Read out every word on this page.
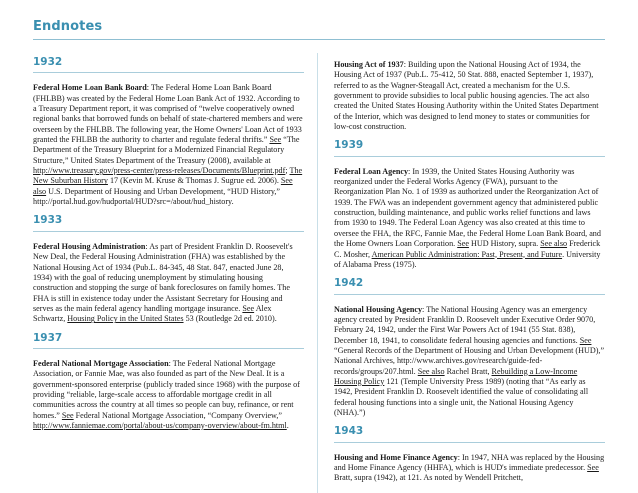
Endnotes
1932
Federal Home Loan Bank Board: The Federal Home Loan Bank Board (FHLBB) was created by the Federal Home Loan Bank Act of 1932. According to a Treasury Department report, it was comprised of “twelve cooperatively owned regional banks that borrowed funds on behalf of state-chartered members and were overseen by the FHLBB. The following year, the Home Owners' Loan Act of 1933 granted the FHLBB the authority to charter and regulate federal thrifts.” See “The Department of the Treasury Blueprint for a Modernized Financial Regulatory Structure,” United States Department of the Treasury (2008), available at http://www.treasury.gov/press-center/press-releases/Documents/Blueprint.pdf; The New Suburban History 17 (Kevin M. Kruse & Thomas J. Sugrue ed. 2006). See also U.S. Department of Housing and Urban Development, “HUD History,” http://portal.hud.gov/hudportal/HUD?src=/about/hud_history.
1933
Federal Housing Administration: As part of President Franklin D. Roosevelt's New Deal, the Federal Housing Administration (FHA) was established by the National Housing Act of 1934 (Pub.L. 84-345, 48 Stat. 847, enacted June 28, 1934) with the goal of reducing unemployment by stimulating housing construction and stopping the surge of bank foreclosures on family homes. The FHA is still in existence today under the Assistant Secretary for Housing and serves as the main federal agency handling mortgage insurance. See Alex Schwartz, Housing Policy in the United States 53 (Routledge 2d ed. 2010).
1937
Federal National Mortgage Association: The Federal National Mortgage Association, or Fannie Mae, was also founded as part of the New Deal. It is a government-sponsored enterprise (publicly traded since 1968) with the purpose of providing “reliable, large-scale access to affordable mortgage credit in all communities across the country at all times so people can buy, refinance, or rent homes.” See Federal National Mortgage Association, “Company Overview,” http://www.fanniemae.com/portal/about-us/company-overview/about-fm.html.
Housing Act of 1937: Building upon the National Housing Act of 1934, the Housing Act of 1937 (Pub.L. 75-412, 50 Stat. 888, enacted September 1, 1937), referred to as the Wagner-Steagall Act, created a mechanism for the U.S. government to provide subsidies to local public housing agencies. The act also created the United States Housing Authority within the United States Department of the Interior, which was designed to lend money to states or communities for low-cost construction.
1939
Federal Loan Agency: In 1939, the United States Housing Authority was reorganized under the Federal Works Agency (FWA), pursuant to the Reorganization Plan No. 1 of 1939 as authorized under the Reorganization Act of 1939. The FWA was an independent government agency that administered public construction, building maintenance, and public works relief functions and laws from 1930 to 1949. The Federal Loan Agency was also created at this time to oversee the FHA, the RFC, Fannie Mae, the Federal Home Loan Bank Board, and the Home Owners Loan Corporation. See HUD History, supra. See also Frederick C. Mosher, American Public Administration: Past, Present, and Future. University of Alabama Press (1975).
1942
National Housing Agency: The National Housing Agency was an emergency agency created by President Franklin D. Roosevelt under Executive Order 9070, February 24, 1942, under the First War Powers Act of 1941 (55 Stat. 838), December 18, 1941, to consolidate federal housing agencies and functions. See “General Records of the Department of Housing and Urban Development (HUD),” National Archives, http://www.archives.gov/research/guide-fed-records/groups/207.html. See also Rachel Bratt, Rebuilding a Low-Income Housing Policy 121 (Temple University Press 1989) (noting that “As early as 1942, President Franklin D. Roosevelt identified the value of consolidating all federal housing functions into a single unit, the National Housing Agency (NHA).”)
1943
Housing and Home Finance Agency: In 1947, NHA was replaced by the Housing and Home Finance Agency (HHFA), which is HUD's immediate predecessor. See Bratt, supra (1942), at 121. As noted by Wendell Pritchett,
